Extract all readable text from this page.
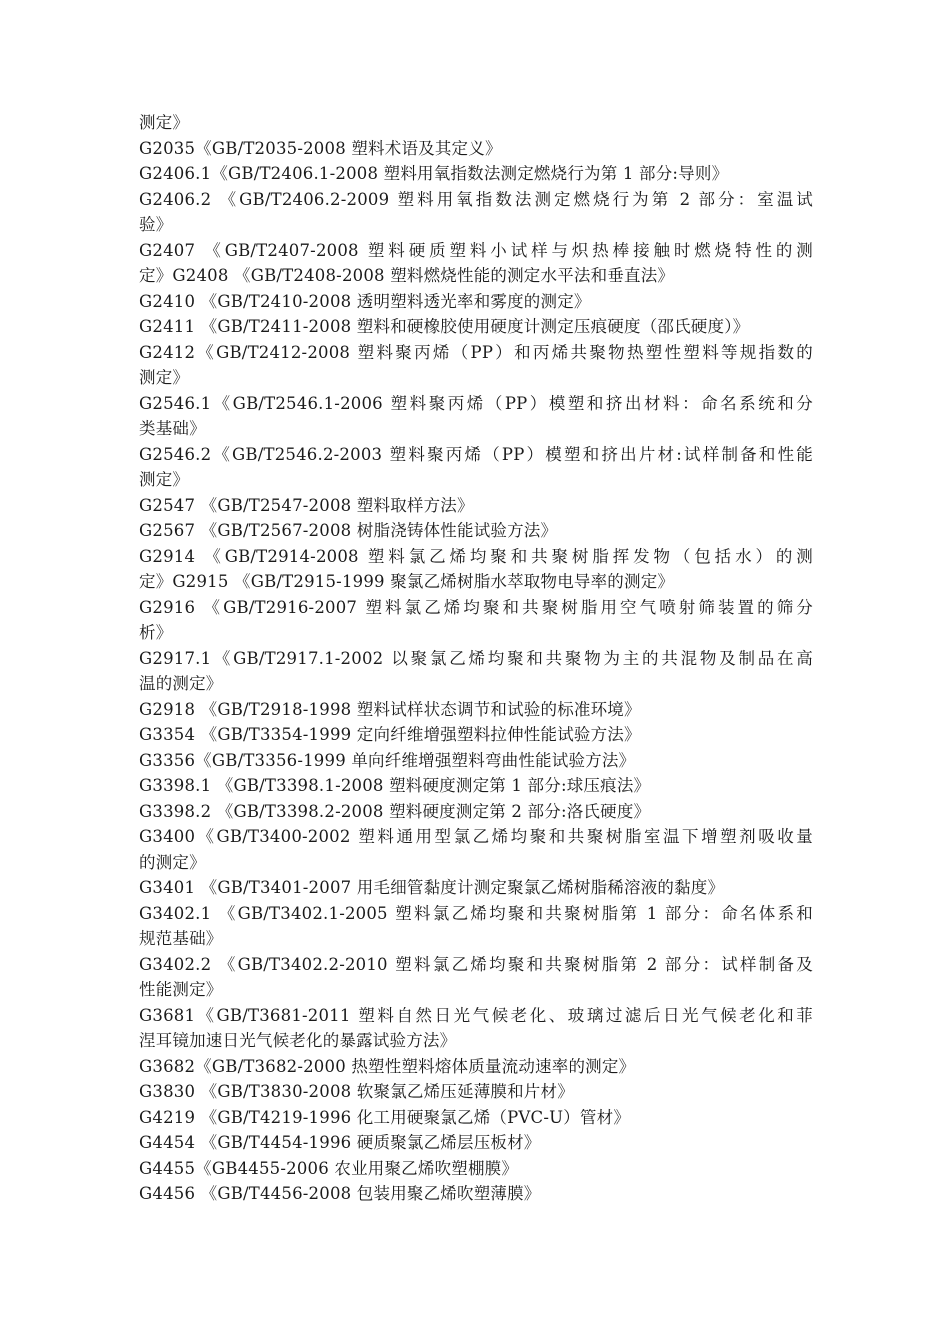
测定》
G2035《GB/T2035-2008 塑料术语及其定义》
G2406.1《GB/T2406.1-2008 塑料用氧指数法测定燃烧行为第 1 部分:导则》
G2406.2 《GB/T2406.2-2009 塑料用氧指数法测定燃烧行为第 2 部分：室温试
验》
G2407 《GB/T2407-2008 塑料硬质塑料小试样与炽热棒接触时燃烧特性的测
定》G2408 《GB/T2408-2008 塑料燃烧性能的测定水平法和垂直法》
G2410 《GB/T2410-2008 透明塑料透光率和雾度的测定》
G2411 《GB/T2411-2008 塑料和硬橡胶使用硬度计测定压痕硬度（邵氏硬度）》
G2412《GB/T2412-2008 塑料聚丙烯（PP）和丙烯共聚物热塑性塑料等规指数的
测定》
G2546.1《GB/T2546.1-2006 塑料聚丙烯（PP）模塑和挤出材料：命名系统和分
类基础》
G2546.2《GB/T2546.2-2003 塑料聚丙烯（PP）模塑和挤出片材:试样制备和性能
测定》
G2547 《GB/T2547-2008 塑料取样方法》
G2567 《GB/T2567-2008 树脂浇铸体性能试验方法》
G2914 《GB/T2914-2008 塑料氯乙烯均聚和共聚树脂挥发物（包括水）的测
定》G2915 《GB/T2915-1999 聚氯乙烯树脂水萃取物电导率的测定》
G2916 《GB/T2916-2007 塑料氯乙烯均聚和共聚树脂用空气喷射筛装置的筛分
析》
G2917.1《GB/T2917.1-2002 以聚氯乙烯均聚和共聚物为主的共混物及制品在高
温的测定》
G2918 《GB/T2918-1998 塑料试样状态调节和试验的标准环境》
G3354 《GB/T3354-1999 定向纤维增强塑料拉伸性能试验方法》
G3356《GB/T3356-1999 单向纤维增强塑料弯曲性能试验方法》
G3398.1 《GB/T3398.1-2008 塑料硬度测定第 1 部分:球压痕法》
G3398.2 《GB/T3398.2-2008 塑料硬度测定第 2 部分:洛氏硬度》
G3400《GB/T3400-2002 塑料通用型氯乙烯均聚和共聚树脂室温下增塑剂吸收量
的测定》
G3401 《GB/T3401-2007 用毛细管黏度计测定聚氯乙烯树脂稀溶液的黏度》
G3402.1 《GB/T3402.1-2005 塑料氯乙烯均聚和共聚树脂第 1 部分：命名体系和
规范基础》
G3402.2 《GB/T3402.2-2010 塑料氯乙烯均聚和共聚树脂第 2 部分：试样制备及
性能测定》
G3681《GB/T3681-2011 塑料自然日光气候老化、玻璃过滤后日光气候老化和菲
涅耳镜加速日光气候老化的暴露试验方法》
G3682《GB/T3682-2000 热塑性塑料熔体质量流动速率的测定》
G3830 《GB/T3830-2008 软聚氯乙烯压延薄膜和片材》
G4219 《GB/T4219-1996 化工用硬聚氯乙烯（PVC-U）管材》
G4454 《GB/T4454-1996 硬质聚氯乙烯层压板材》
G4455《GB4455-2006 农业用聚乙烯吹塑棚膜》
G4456 《GB/T4456-2008 包装用聚乙烯吹塑薄膜》
